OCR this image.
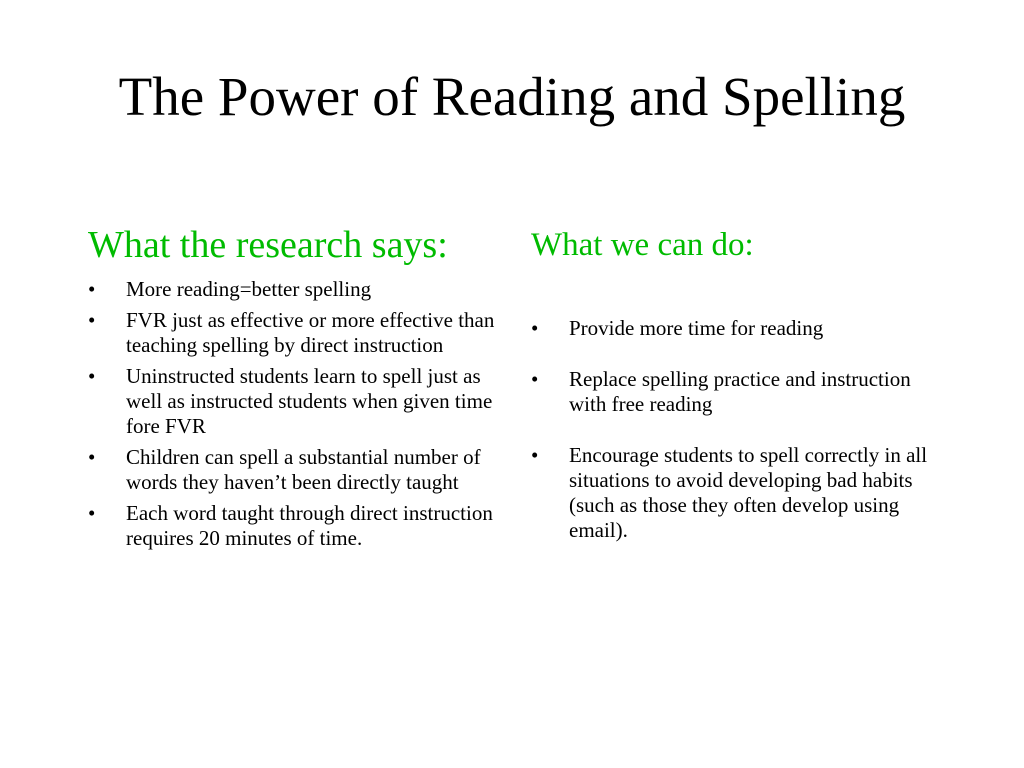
The Power of Reading and Spelling
What the research says:
•	More reading=better spelling
•	FVR just as effective or more effective than teaching spelling by direct instruction
•	Uninstructed students learn to spell just as well as instructed students when given time fore FVR
•	Children can spell a substantial number of words they haven’t been directly taught
•	Each word taught through direct instruction requires 20 minutes of time.
What we can do:
•	Provide more time for reading
•	Replace spelling practice and instruction with free reading
•	Encourage students to spell correctly in all situations to avoid developing bad habits (such as those they often develop using email).
